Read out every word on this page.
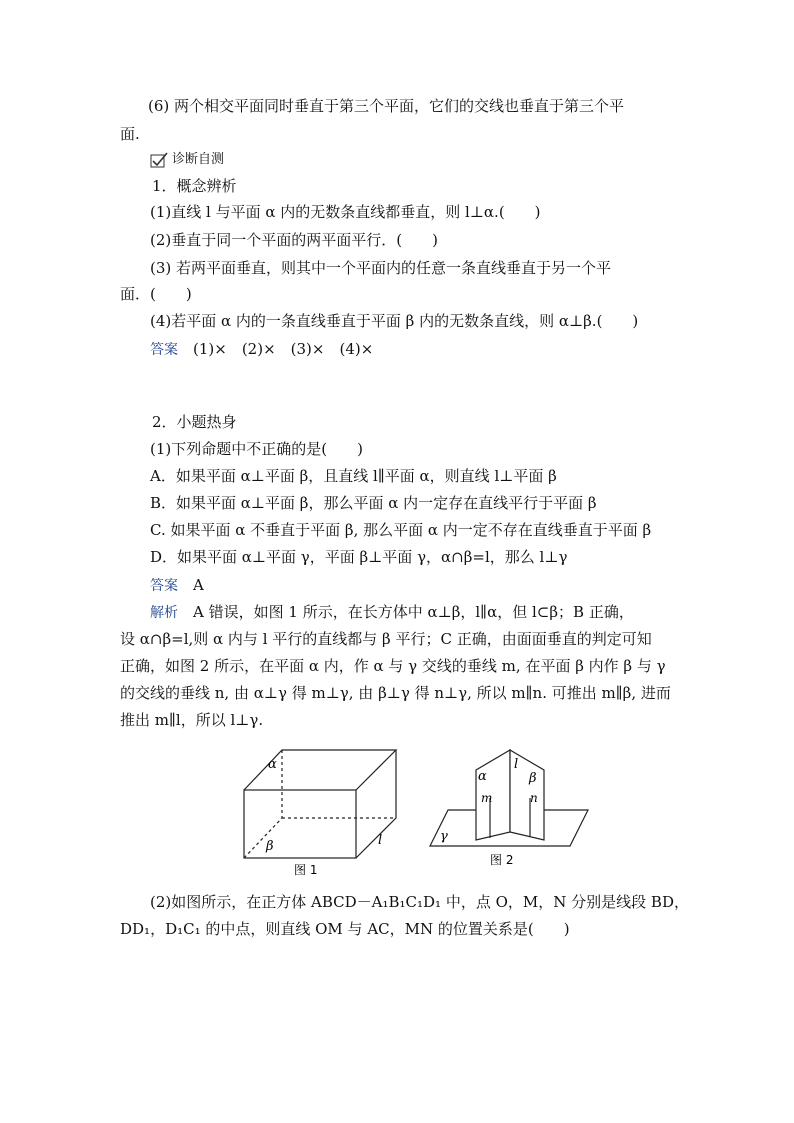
(6) 两个相交平面同时垂直于第三个平面，它们的交线也垂直于第三个平
面.
诊断自测
1．概念辨析
(1)直线 l 与平面 α 内的无数条直线都垂直，则 l⊥α.(　　)
(2)垂直于同一个平面的两平面平行．(　　)
(3) 若两平面垂直，则其中一个平面内的任意一条直线垂直于另一个平
面．(　　)
(4)若平面 α 内的一条直线垂直于平面 β 内的无数条直线，则 α⊥β.(　　)
答案　 (1)×　(2)×　(3)×　(4)×
2．小题热身
(1)下列命题中不正确的是(　　)
A．如果平面 α⊥平面 β，且直线 l∥平面 α，则直线 l⊥平面 β
B．如果平面 α⊥平面 β，那么平面 α 内一定存在直线平行于平面 β
C. 如果平面 α 不垂直于平面 β, 那么平面 α 内一定不存在直线垂直于平面 β
D．如果平面 α⊥平面 γ，平面 β⊥平面 γ，α∩β=l，那么 l⊥γ
答案　 A
解析　 A 错误，如图 1 所示，在长方体中 α⊥β，l∥α，但 l⊂β；B 正确，
设 α∩β=l,则 α 内与 l 平行的直线都与 β 平行；C 正确，由面面垂直的判定可知
正确，如图 2 所示，在平面 α 内，作 α 与 γ 交线的垂线 m, 在平面 β 内作 β 与 γ
的交线的垂线 n, 由 α⊥γ 得 m⊥γ, 由 β⊥γ 得 n⊥γ, 所以 m∥n. 可推出 m∥β, 进而
推出 m∥l，所以 l⊥γ.
α
β	l
图 1
α
l
β
m	n
γ
图 2
(2)如图所示，在正方体 ABCD－A₁B₁C₁D₁ 中，点 O，M，N 分别是线段 BD，
DD₁，D₁C₁ 的中点，则直线 OM 与 AC，MN 的位置关系是(　　)
